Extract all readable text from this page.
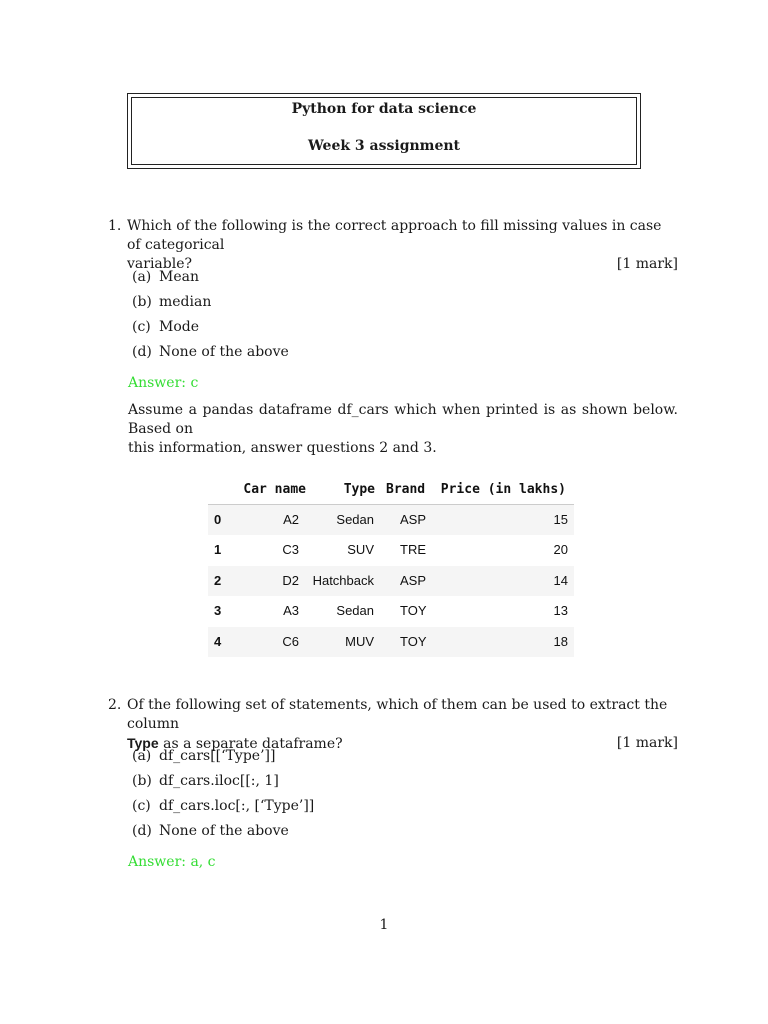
Python for data science
Week 3 assignment
1. Which of the following is the correct approach to fill missing values in case of categorical
variable?	[1 mark]
(a) Mean
(b) median
(c) Mode
(d) None of the above
Answer: c
Assume a pandas dataframe df_cars which when printed is as shown below. Based on
this information, answer questions 2 and 3.
Car name	Type Brand Price (in lakhs)
0	A2	Sedan ASP	15
1	C3	SUV TRE	20
2	D2 Hatchback ASP	14
3	A3	Sedan TOY	13
4	C6	MUV TOY	18
2. Of the following set of statements, which of them can be used to extract the column
Type as a separate dataframe?	[1 mark]
(a) df_cars[[‘Type’]]
(b) df_cars.iloc[[:, 1]
(c) df_cars.loc[:, [‘Type’]]
(d) None of the above
Answer: a, c
1
